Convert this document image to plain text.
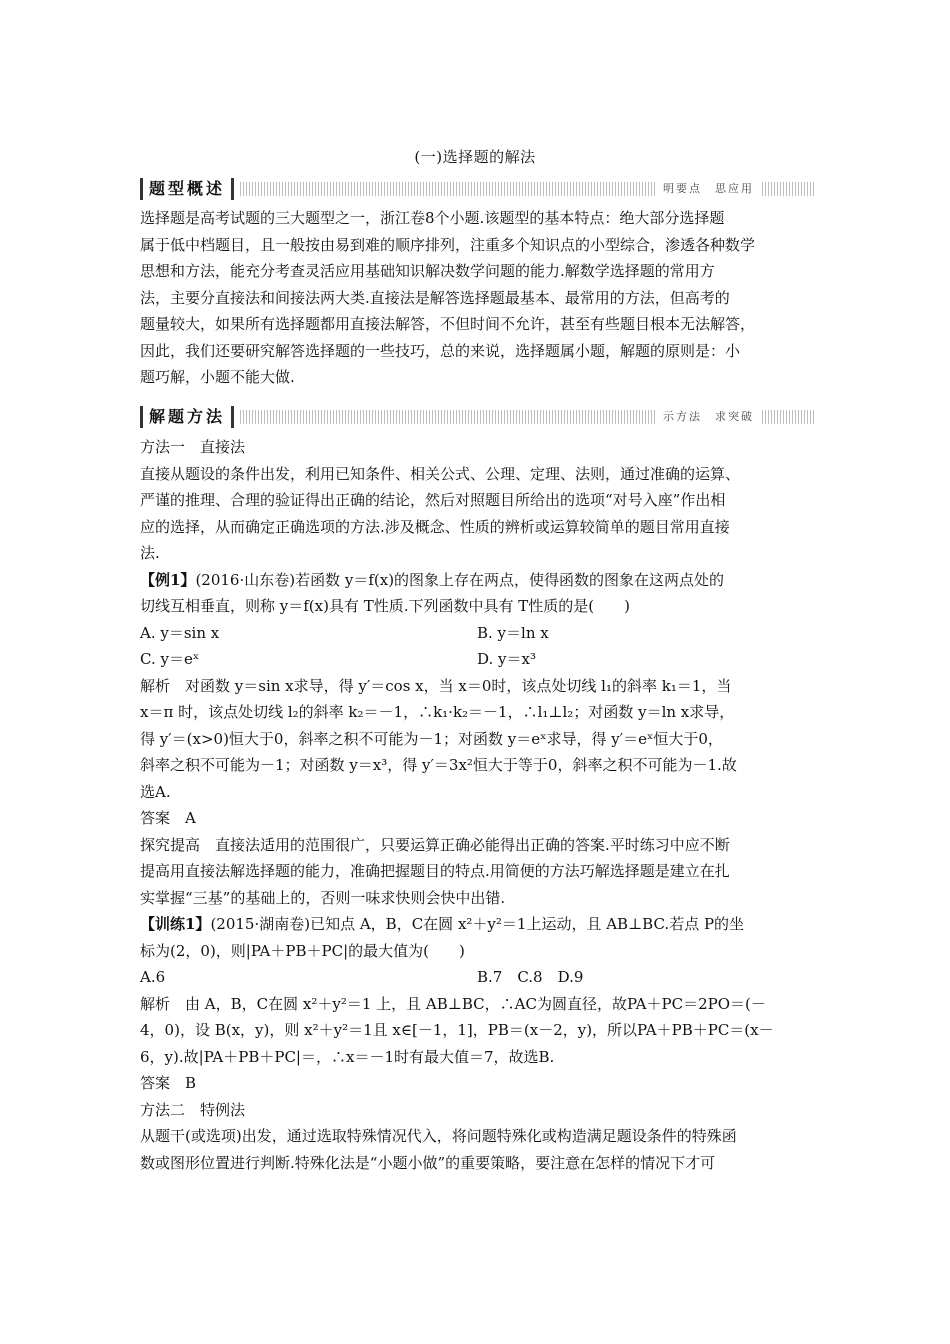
(一)选择题的解法
题型概述	明要点　思应用

选择题是高考试题的三大题型之一，浙江卷8个小题.该题型的基本特点：绝大部分选择题

属于低中档题目，且一般按由易到难的顺序排列，注重多个知识点的小型综合，渗透各种数学

思想和方法，能充分考查灵活应用基础知识解决数学问题的能力.解数学选择题的常用方

法，主要分直接法和间接法两大类.直接法是解答选择题最基本、最常用的方法，但高考的

题量较大，如果所有选择题都用直接法解答，不但时间不允许，甚至有些题目根本无法解答，

因此，我们还要研究解答选择题的一些技巧，总的来说，选择题属小题，解题的原则是：小

题巧解，小题不能大做.

解题方法	示方法　求突破

方法一　直接法

直接从题设的条件出发，利用已知条件、相关公式、公理、定理、法则，通过准确的运算、

严谨的推理、合理的验证得出正确的结论，然后对照题目所给出的选项“对号入座”作出相

应的选择，从而确定正确选项的方法.涉及概念、性质的辨析或运算较简单的题目常用直接

法.

【例1】(2016·山东卷)若函数 y＝f(x)的图象上存在两点，使得函数的图象在这两点处的

切线互相垂直，则称 y＝f(x)具有 T性质.下列函数中具有 T性质的是(　　)

A. y＝sin x	B. y＝ln x
C. y＝eˣ	D. y＝x³

解析　对函数 y＝sin x求导，得 y′＝cos x，当 x＝0时，该点处切线 l₁的斜率 k₁＝1，当

x＝π 时，该点处切线 l₂的斜率 k₂＝－1，∴k₁·k₂＝－1，∴l₁⊥l₂；对函数 y＝ln x求导，

得 y′＝(x>0)恒大于0，斜率之积不可能为－1；对函数 y＝eˣ求导，得 y′＝eˣ恒大于0，

斜率之积不可能为－1；对函数 y＝x³，得 y′＝3x²恒大于等于0，斜率之积不可能为－1.故

选A.

答案　A

探究提高　直接法适用的范围很广，只要运算正确必能得出正确的答案.平时练习中应不断

提高用直接法解选择题的能力，准确把握题目的特点.用简便的方法巧解选择题是建立在扎

实掌握“三基”的基础上的，否则一味求快则会快中出错.

【训练1】(2015·湖南卷)已知点 A，B，C在圆 x²＋y²＝1上运动，且 AB⊥BC.若点 P的坐

标为(2，0)，则|PA＋PB＋PC|的最大值为(　　)

A.6	B.7　C.8　D.9

解析　由 A，B，C在圆 x²＋y²＝1 上，且 AB⊥BC，∴AC为圆直径，故PA＋PC＝2PO＝(－

4，0)，设 B(x，y)，则 x²＋y²＝1且 x∈[－1，1]，PB＝(x－2，y)，所以PA＋PB＋PC＝(x－

6，y).故|PA＋PB＋PC|＝，∴x＝－1时有最大值＝7，故选B.

答案　B

方法二　特例法

从题干(或选项)出发，通过选取特殊情况代入，将问题特殊化或构造满足题设条件的特殊函

数或图形位置进行判断.特殊化法是“小题小做”的重要策略，要注意在怎样的情况下才可
